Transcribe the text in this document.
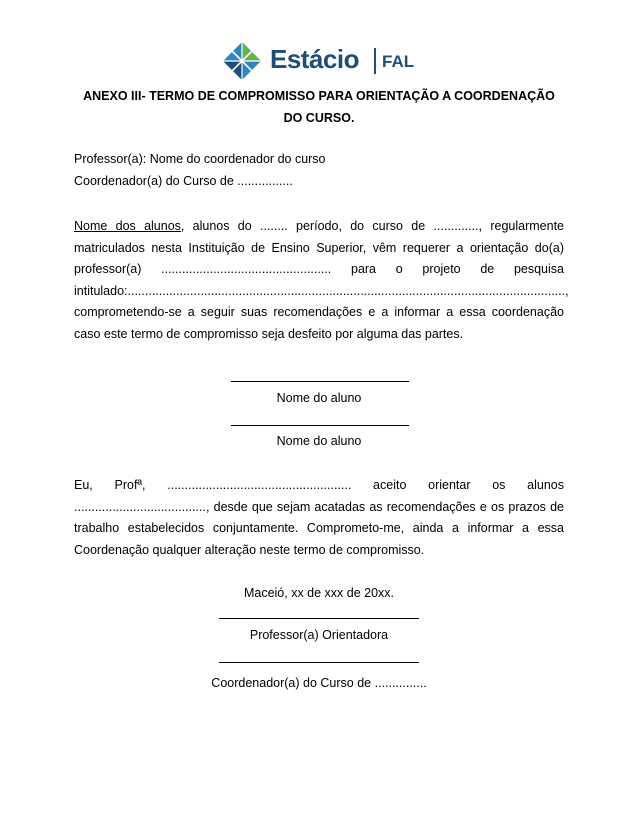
Estácio FAL
ANEXO III- TERMO DE COMPROMISSO PARA ORIENTAÇÃO A COORDENAÇÃO
DO CURSO.
Professor(a): Nome do coordenador do curso
Coordenador(a) do Curso de ................
Nome dos alunos, alunos do ........ período, do curso de ............., regularmente matriculados nesta Instituição de Ensino Superior, vêm requerer a orientação do(a) professor(a) ................................................. para o projeto de pesquisa intitulado:.............................................................................................................................., comprometendo-se a seguir suas recomendações e a informar a essa coordenação caso este termo de compromisso seja desfeito por alguma das partes.
Nome do aluno
Nome do aluno
Eu, Profª, ..................................................... aceito orientar os alunos ......................................, desde que sejam acatadas as recomendações e os prazos de trabalho estabelecidos conjuntamente. Comprometo-me, ainda a informar a essa Coordenação qualquer alteração neste termo de compromisso.
Maceió, xx de xxx de 20xx.
Professor(a) Orientadora
Coordenador(a) do Curso de ...............
